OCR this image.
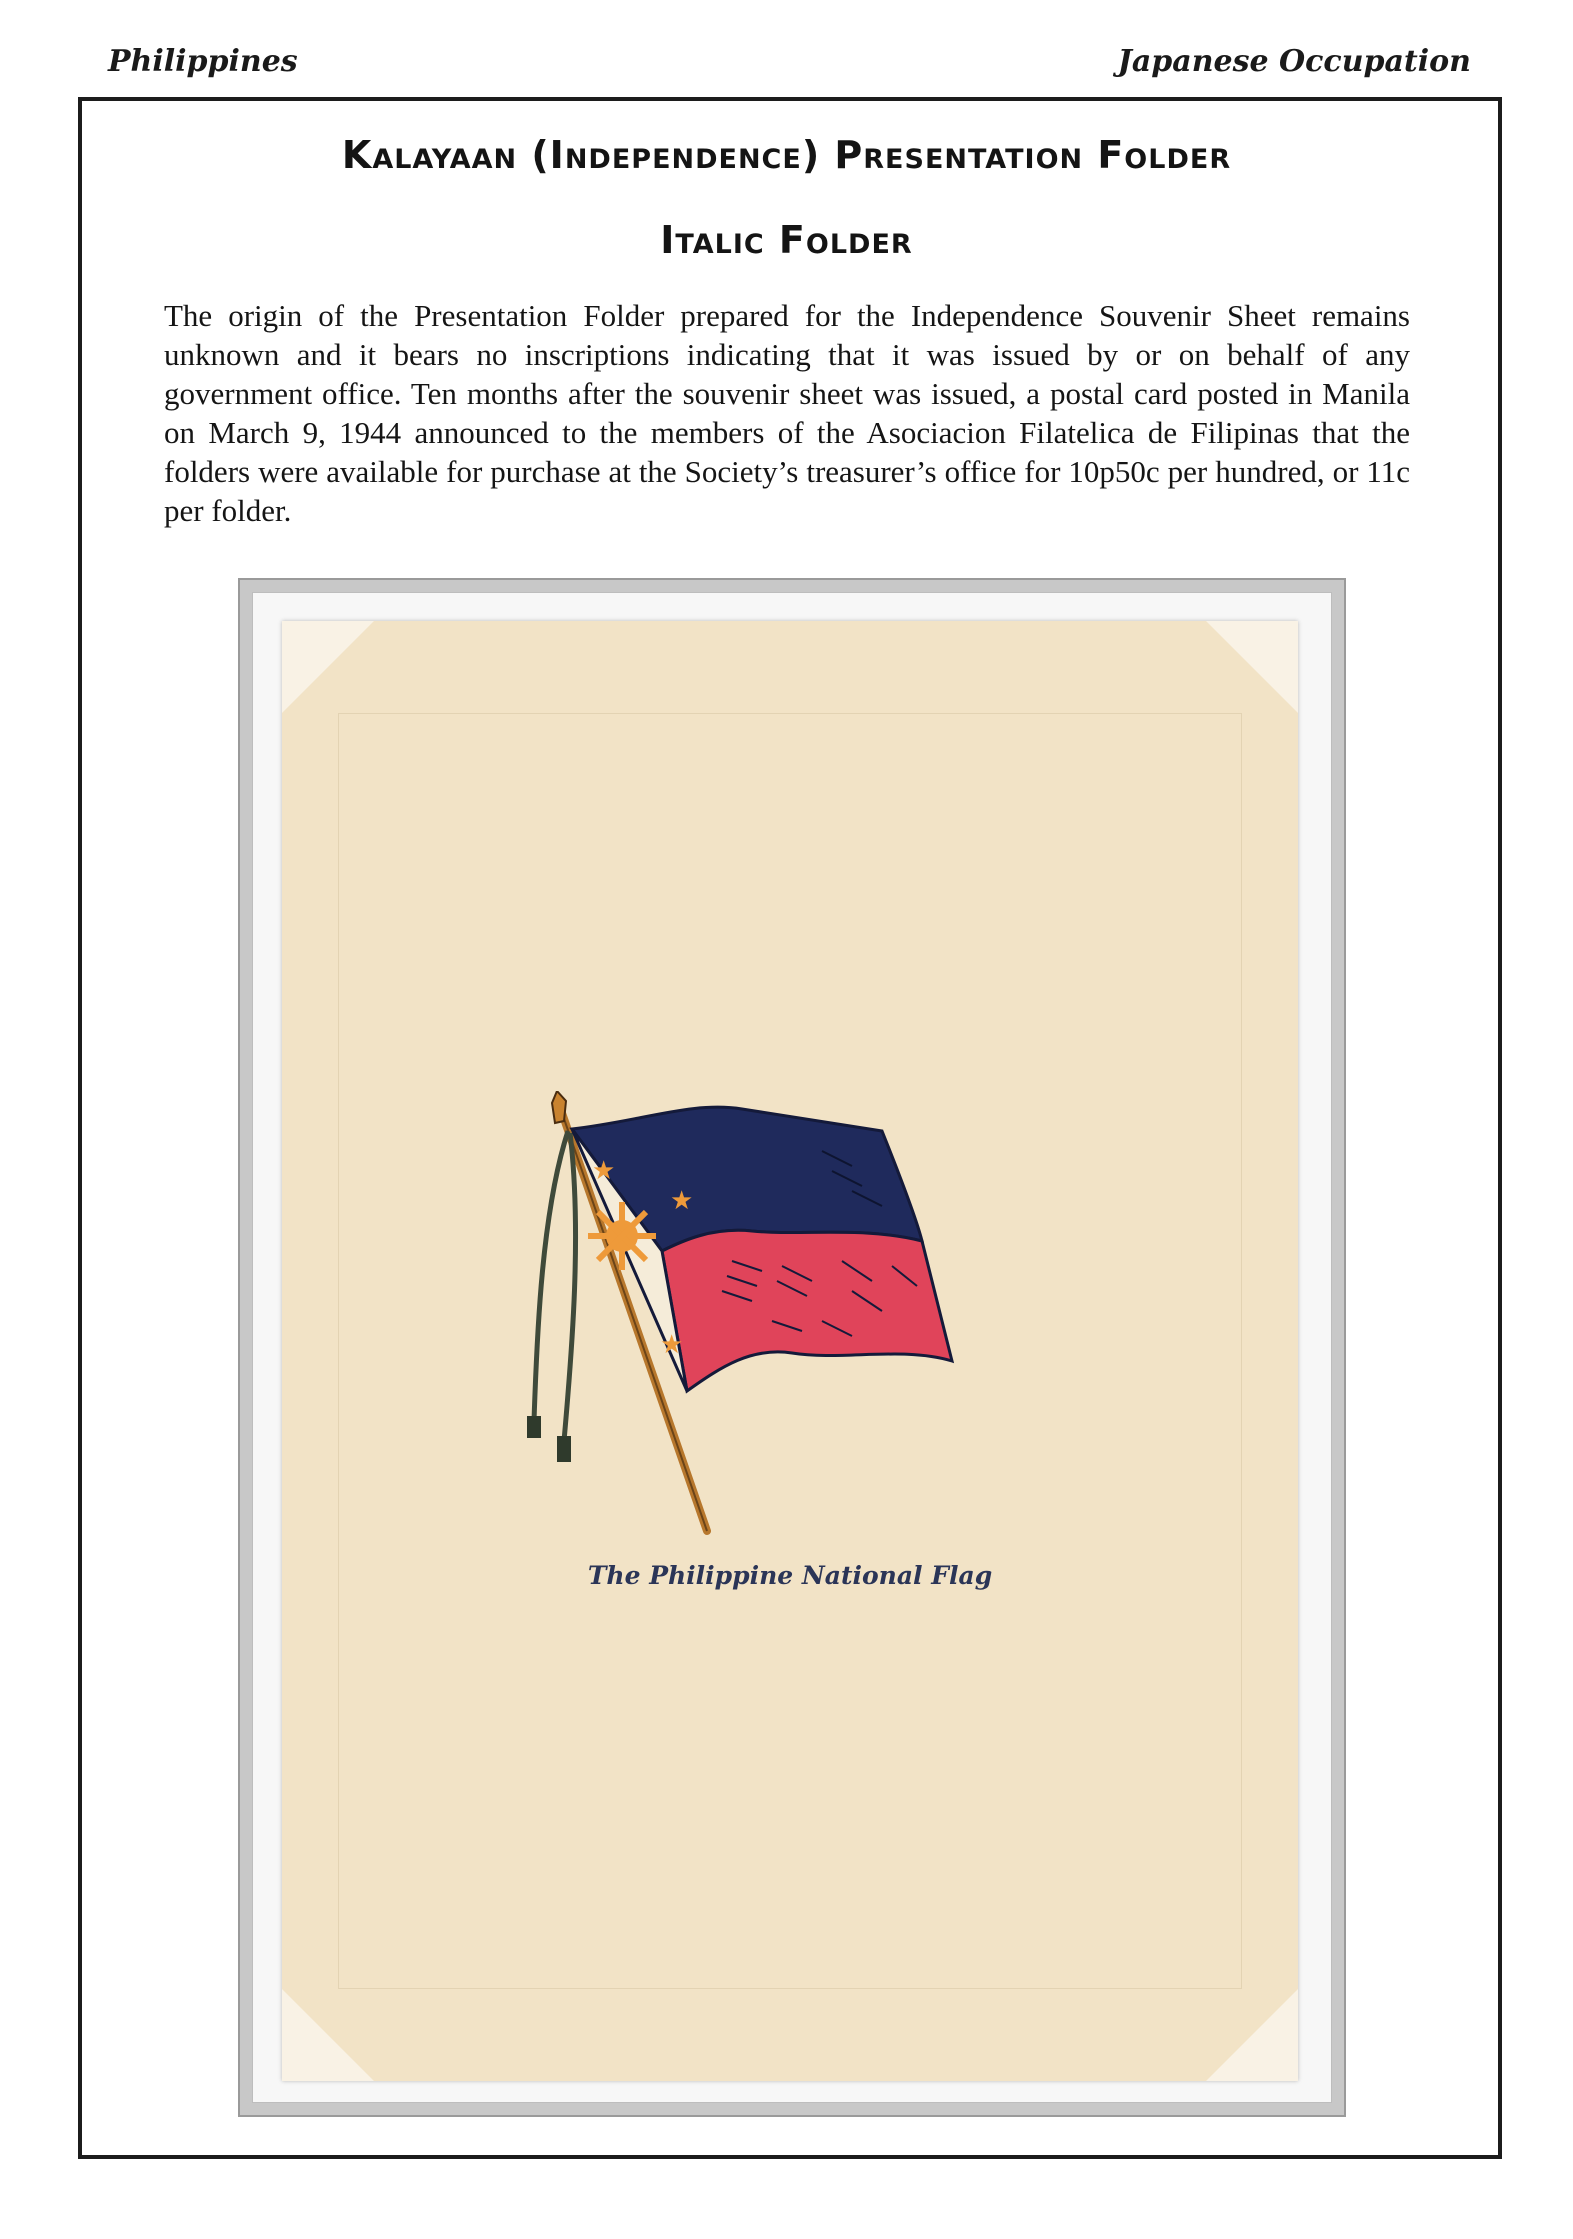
Philippines	Japanese Occupation
Kalayaan (Independence) Presentation Folder
Italic Folder
The origin of the Presentation Folder prepared for the Independence Souvenir Sheet remains unknown and it bears no inscriptions indicating that it was issued by or on behalf of any government office. Ten months after the souvenir sheet was issued, a postal card posted in Manila on March 9, 1944 announced to the members of the Asociacion Filatelica de Filipinas that the folders were available for purchase at the Society’s treasurer’s office for 10p50c per hundred, or 11c per folder.
★
★
★
The Philippine National Flag
